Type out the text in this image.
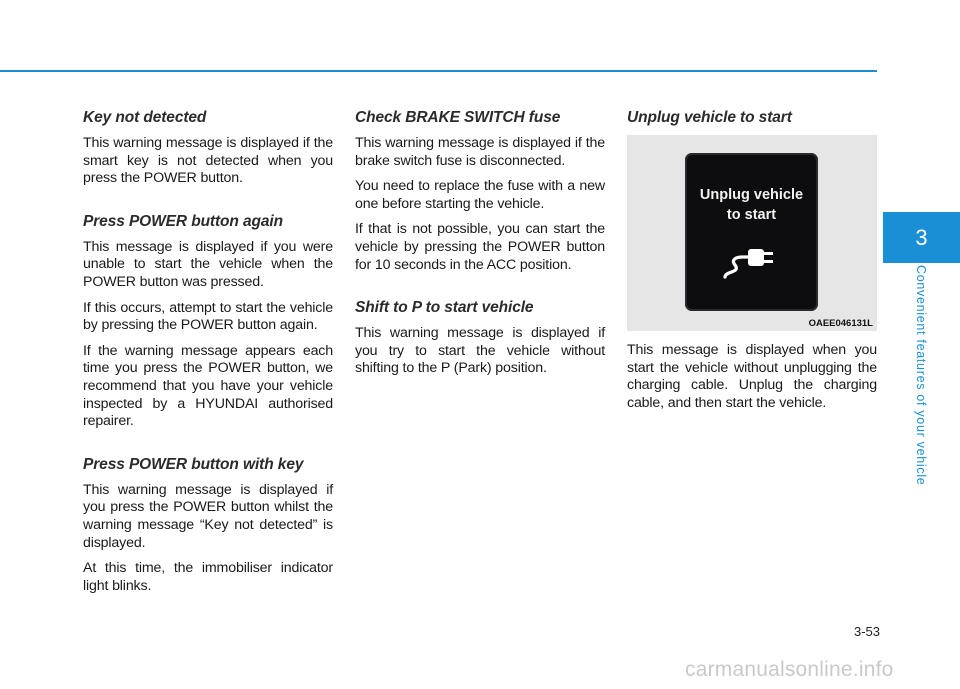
Key not detected

This warning message is displayed if the smart key is not detected when you press the POWER button.

Press POWER button again

This message is displayed if you were unable to start the vehicle when the POWER button was pressed.

If this occurs, attempt to start the vehicle by pressing the POWER button again.

If the warning message appears each time you press the POWER button, we recommend that you have your vehicle inspected by a HYUNDAI authorised repairer.

Press POWER button with key

This warning message is displayed if you press the POWER button whilst the warning message “Key not detected” is displayed.

At this time, the immobiliser indicator light blinks.

Check BRAKE SWITCH fuse

This warning message is displayed if the brake switch fuse is disconnected.

You need to replace the fuse with a new one before starting the vehicle.

If that is not possible, you can start the vehicle by pressing the POWER button for 10 seconds in the ACC position.

Shift to P to start vehicle

This warning message is displayed if you try to start the vehicle without shifting to the P (Park) position.

Unplug vehicle to start
Unplug vehicle
to start
OAEE046131L

This message is displayed when you start the vehicle without unplugging the charging cable. Unplug the charging cable, and then start the vehicle.

3
Convenient features of your vehicle
3-53
carmanualsonline.info
